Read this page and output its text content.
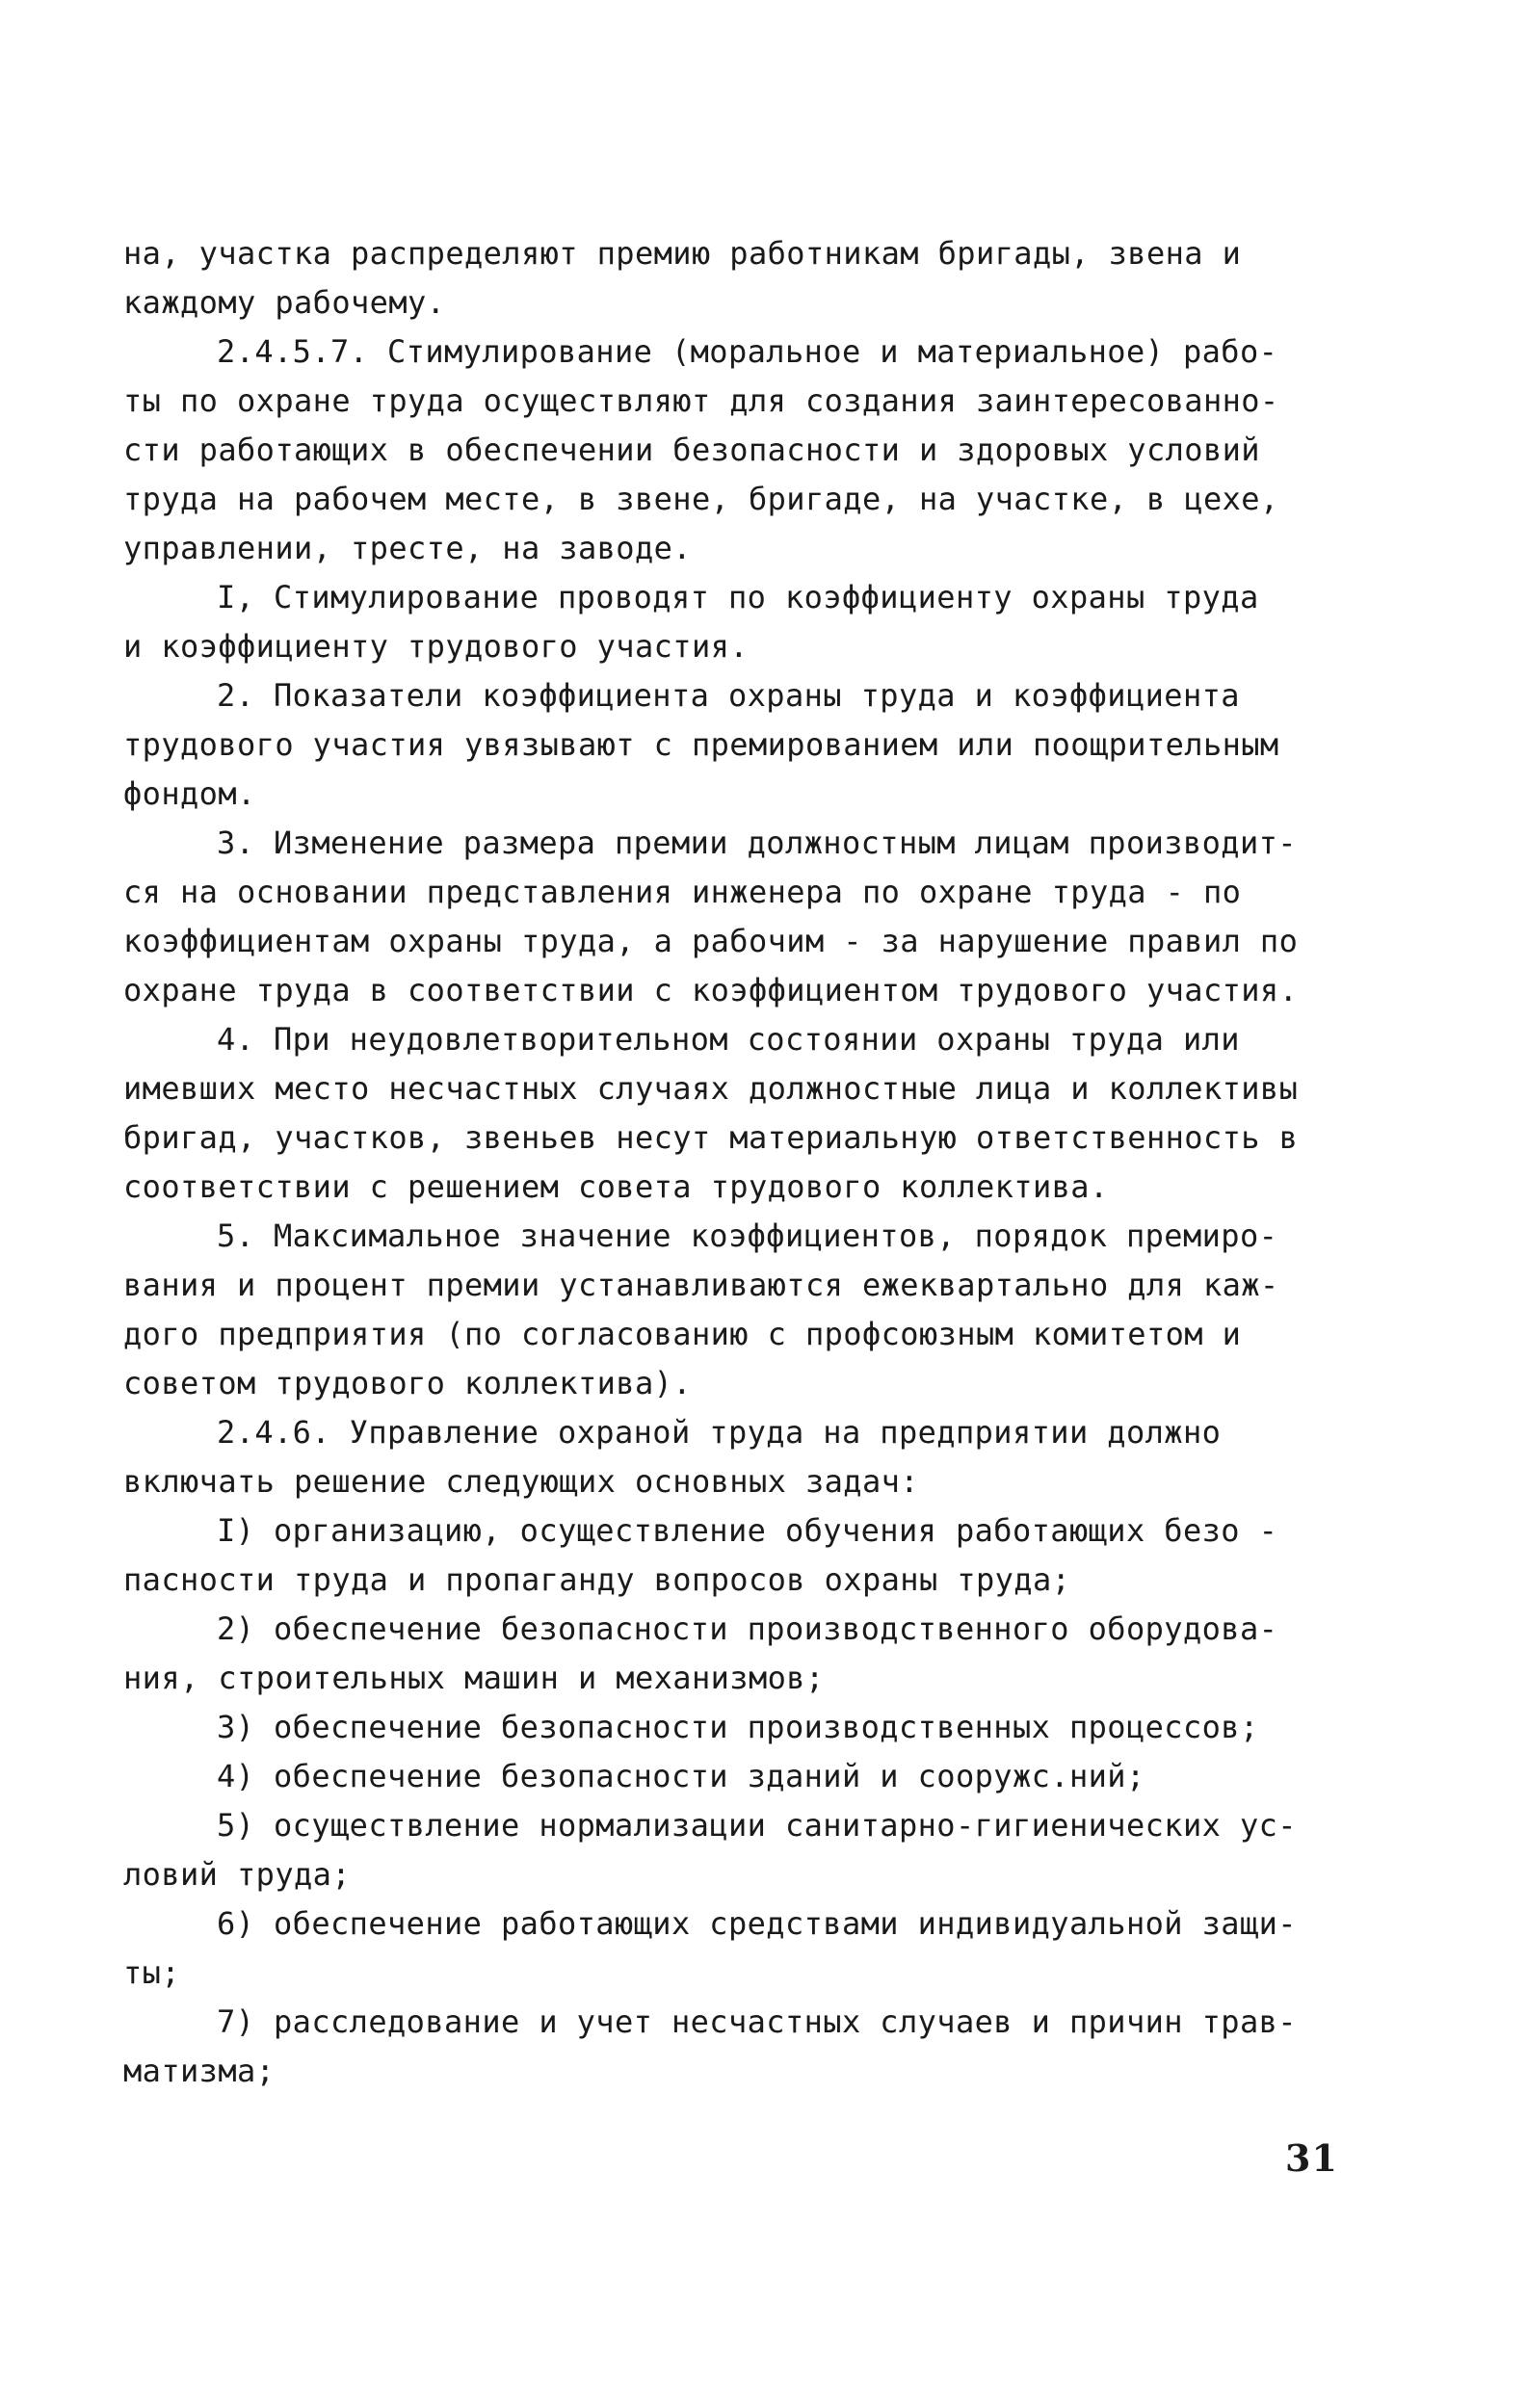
на, участка распределяют премию работникам бригады, звена и
каждому рабочему.
2.4.5.7. Стимулирование (моральное и материальное) рабо-
ты по охране труда осуществляют для создания заинтересованно-
сти работающих в обеспечении безопасности и здоровых условий
труда на рабочем месте, в звене, бригаде, на участке, в цехе,
управлении, тресте, на заводе.
I, Стимулирование проводят по коэффициенту охраны труда
и коэффициенту трудового участия.
2. Показатели коэффициента охраны труда и коэффициента
трудового участия увязывают с премированием или поощрительным
фондом.
3. Изменение размера премии должностным лицам производит-
ся на основании представления инженера по охране труда - по
коэффициентам охраны труда, а рабочим - за нарушение правил по
охране труда в соответствии с коэффициентом трудового участия.
4. При неудовлетворительном состоянии охраны труда или
имевших место несчастных случаях должностные лица и коллективы
бригад, участков, звеньев несут материальную ответственность в
соответствии с решением совета трудового коллектива.
5. Максимальное значение коэффициентов, порядок премиро-
вания и процент премии устанавливаются ежеквартально для каж-
дого предприятия (по согласованию с профсоюзным комитетом и
советом трудового коллектива).
2.4.6. Управление охраной труда на предприятии должно
включать решение следующих основных задач:
I) организацию, осуществление обучения работающих безо -
пасности труда и пропаганду вопросов охраны труда;
2) обеспечение безопасности производственного оборудова-
ния, строительных машин и механизмов;
3) обеспечение безопасности производственных процессов;
4) обеспечение безопасности зданий и сооружс.ний;
5) осуществление нормализации санитарно-гигиенических ус-
ловий труда;
6) обеспечение работающих средствами индивидуальной защи-
ты;
7) расследование и учет несчастных случаев и причин трав-
матизма;
31
